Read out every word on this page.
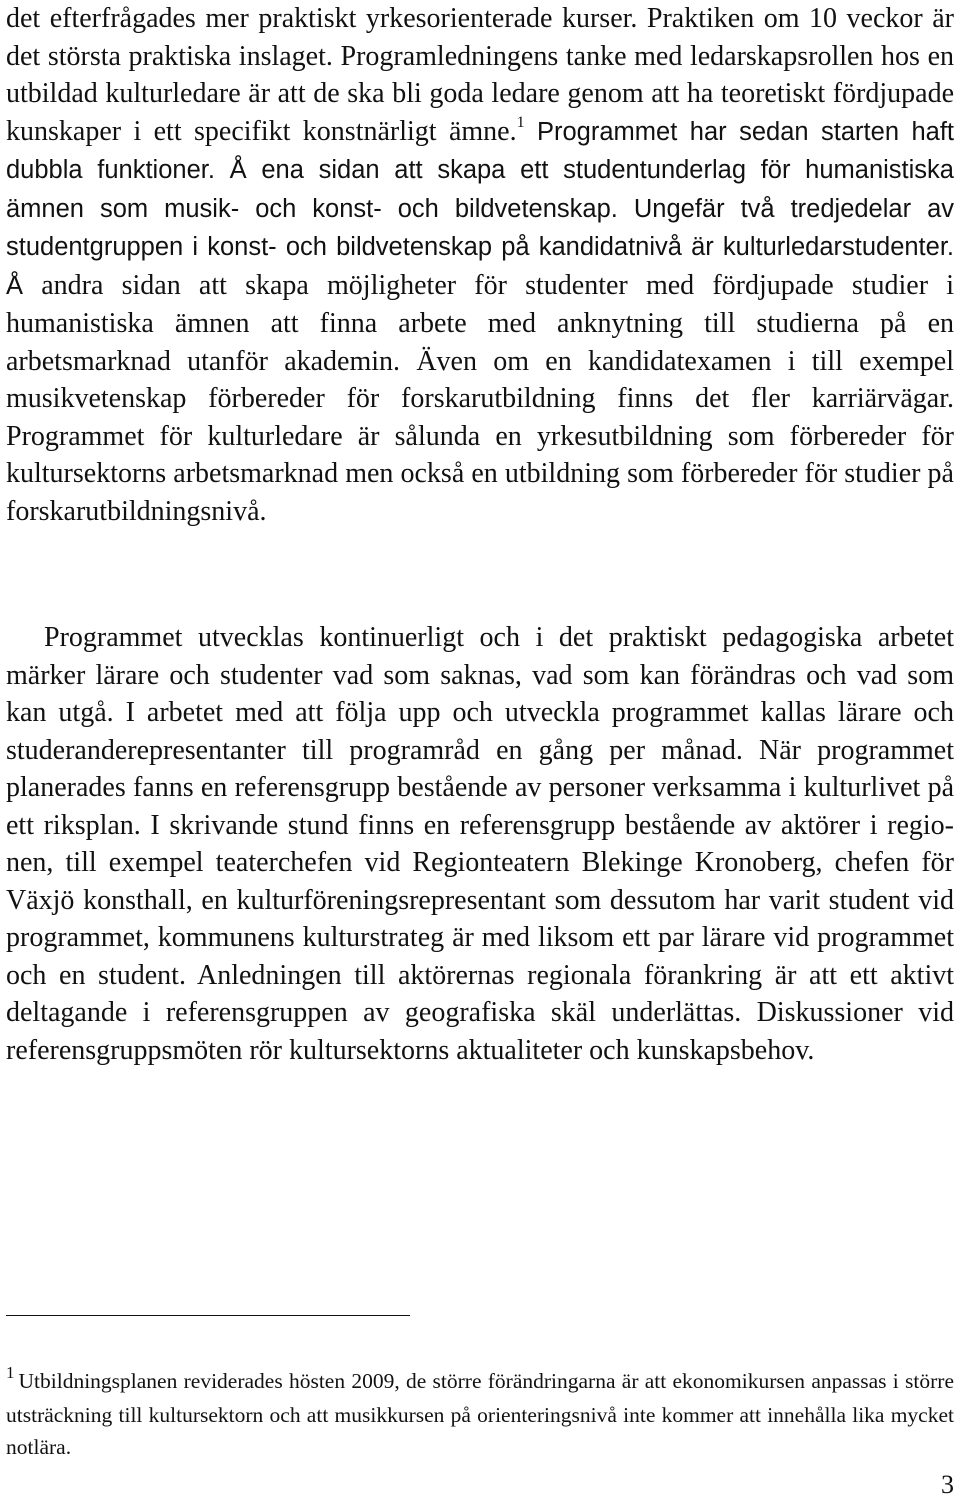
det efterfrågades mer praktiskt yrkesorienterade kurser. Praktiken om 10 veckor är det största praktiska inslaget. Programledningens tanke med ledarskapsrollen hos en utbildad kulturledare är att de ska bli goda ledare genom att ha teoretiskt fördjupade kunskaper i ett specifikt konstnärligt ämne.$^1$ Programmet har sedan starten haft dubbla funktioner. Å ena sidan att skapa ett studentunderlag för humanistiska ämnen som musik- och konst- och bildvetenskap. Ungefär två tredjedelar av studentgruppen i konst- och bildvetenskap på kandidatnivå är kulturledarstudenter. Å andra sidan att skapa möjligheter för studenter med fördjupade studier i humanistiska ämnen att finna arbete med anknytning till studierna på en arbetsmarknad utanför akademin. Även om en kandidatexamen i till exempel musikvetenskap förbereder för forskarutbildning finns det fler karriärvägar. Programmet för kulturledare är sålunda en yrkesutbildning som förbereder för kultursektorns arbetsmarknad men också en utbildning som förbereder för studier på forskarutbildningsnivå.

Programmet utvecklas kontinuerligt och i det praktiskt pedagogiska arbetet märker lärare och studenter vad som saknas, vad som kan förändras och vad som kan utgå. I arbetet med att följa upp och utveckla programmet kallas lärare och studeranderepresentanter till programråd en gång per månad. När programmet planerades fanns en referensgrupp bestående av personer verksamma i kulturlivet på ett riksplan. I skrivande stund finns en referensgrupp bestående av aktörer i regionen, till exempel teaterchefen vid Regionteatern Blekinge Kronoberg, chefen för Växjö konsthall, en kulturföreningsrepresentant som dessutom har varit student vid programmet, kommunens kulturstrateg är med liksom ett par lärare vid programmet och en student. Anledningen till aktörernas regionala förankring är att ett aktivt deltagande i referensgruppen av geografiska skäl underlättas. Diskussioner vid referensgruppsmöten rör kultursektorns aktualiteter och kunskapsbehov.

$^1$ Utbildningsplanen reviderades hösten 2009, de större förändringarna är att ekonomikursen anpassas i större utsträckning till kultursektorn och att musikkursen på orienteringsnivå inte kommer att innehålla lika mycket notlära.
3
